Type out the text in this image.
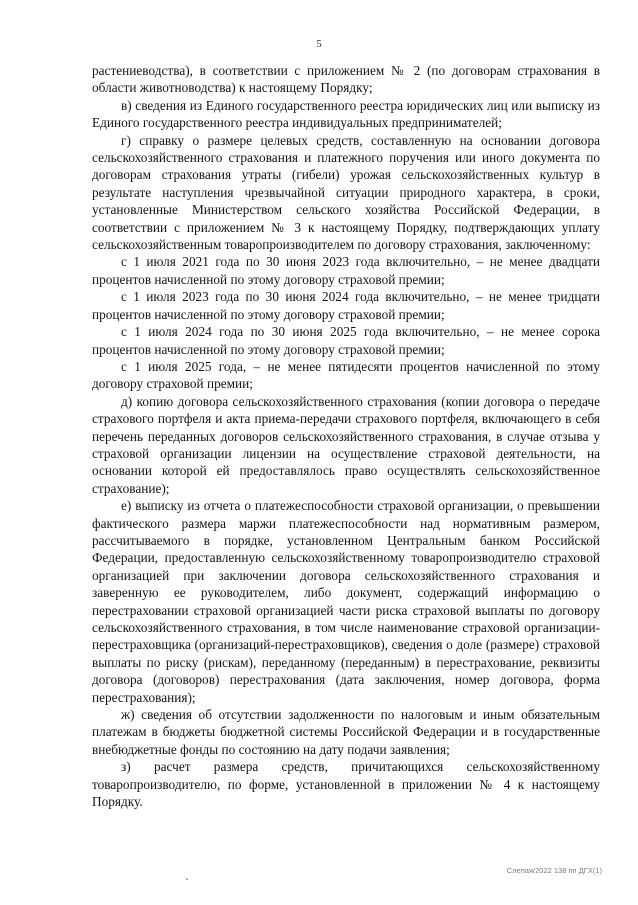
5

растениеводства), в соответствии с приложением № 2 (по договорам страхования в области животноводства) к настоящему Порядку;

в) сведения из Единого государственного реестра юридических лиц или выписку из Единого государственного реестра индивидуальных предпринимателей;

г) справку о размере целевых средств, составленную на основании договора сельскохозяйственного страхования и платежного поручения или иного документа по договорам страхования утраты (гибели) урожая сельскохозяйственных культур в результате наступления чрезвычайной ситуации природного характера, в сроки, установленные Министерством сельского хозяйства Российской Федерации, в соответствии с приложением № 3 к настоящему Порядку, подтверждающих уплату сельскохозяйственным товаропроизводителем по договору страхования, заключенному:

с 1 июля 2021 года по 30 июня 2023 года включительно, – не менее двадцати процентов начисленной по этому договору страховой премии;

с 1 июля 2023 года по 30 июня 2024 года включительно, – не менее тридцати процентов начисленной по этому договору страховой премии;

с 1 июля 2024 года по 30 июня 2025 года включительно, – не менее сорока процентов начисленной по этому договору страховой премии;

с 1 июля 2025 года, – не менее пятидесяти процентов начисленной по этому договору страховой премии;

д) копию договора сельскохозяйственного страхования (копии договора о передаче страхового портфеля и акта приема-передачи страхового портфеля, включающего в себя перечень переданных договоров сельскохозяйственного страхования, в случае отзыва у страховой организации лицензии на осуществление страховой деятельности, на основании которой ей предоставлялось право осуществлять сельскохозяйственное страхование);

е) выписку из отчета о платежеспособности страховой организации, о превышении фактического размера маржи платежеспособности над нормативным размером, рассчитываемого в порядке, установленном Центральным банком Российской Федерации, предоставленную сельскохозяйственному товаропроизводителю страховой организацией при заключении договора сельскохозяйственного страхования и заверенную ее руководителем, либо документ, содержащий информацию о перестраховании страховой организацией части риска страховой выплаты по договору сельскохозяйственного страхования, в том числе наименование страховой организации-перестраховщика (организаций-перестраховщиков), сведения о доле (размере) страховой выплаты по риску (рискам), переданному (переданным) в перестрахование, реквизиты договора (договоров) перестрахования (дата заключения, номер договора, форма перестрахования);

ж) сведения об отсутствии задолженности по налоговым и иным обязательным платежам в бюджеты бюджетной системы Российской Федерации и в государственные внебюджетные фонды по состоянию на дату подачи заявления;

з) расчет размера средств, причитающихся сельскохозяйственному товаропроизводителю, по форме, установленной в приложении № 4 к настоящему Порядку.

Слепая/2022 138 пп ДГХ(1)
